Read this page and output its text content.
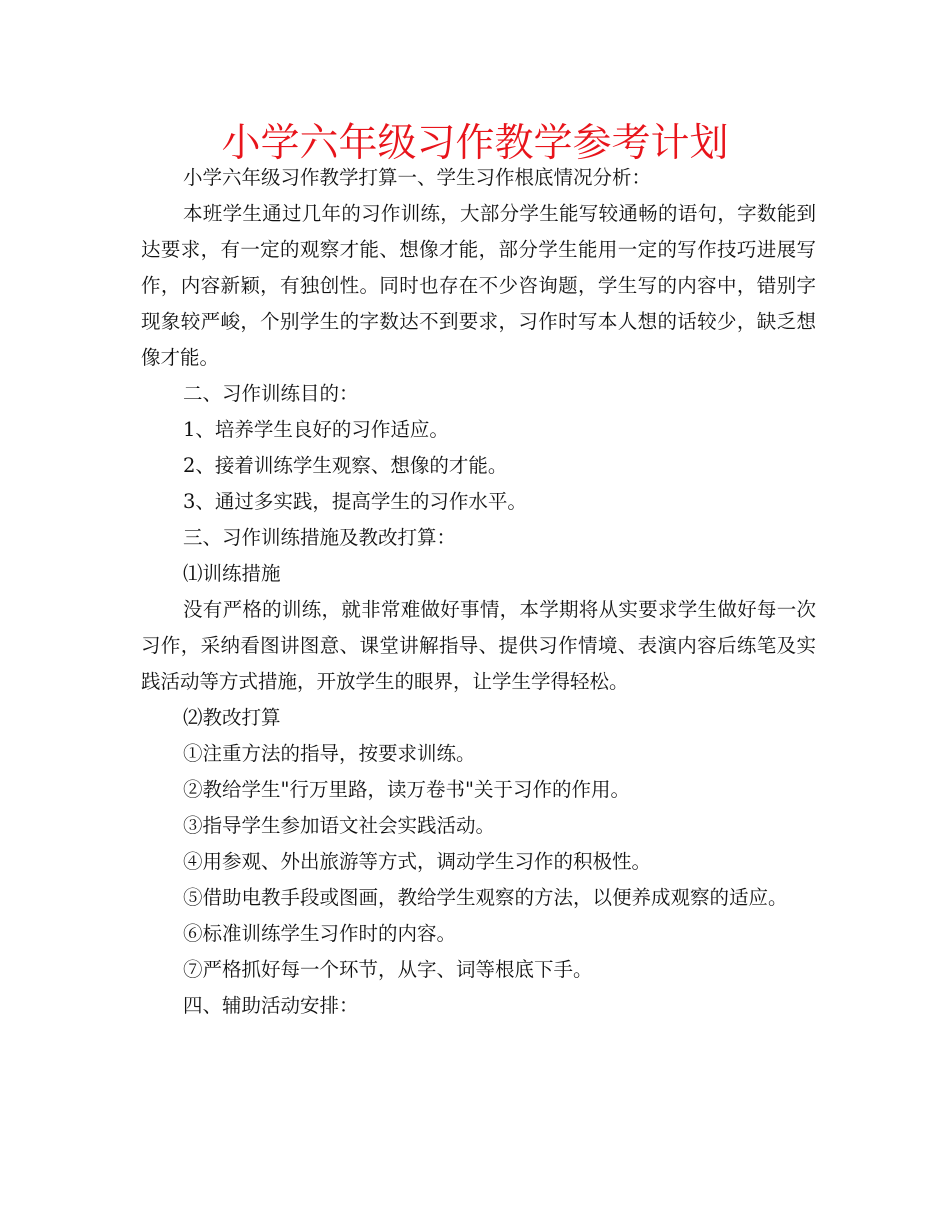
小学六年级习作教学参考计划

小学六年级习作教学打算一、学生习作根底情况分析：

本班学生通过几年的习作训练，大部分学生能写较通畅的语句，字数能到达要求，有一定的观察才能、想像才能，部分学生能用一定的写作技巧进展写作，内容新颖，有独创性。同时也存在不少咨询题，学生写的内容中，错别字现象较严峻，个别学生的字数达不到要求，习作时写本人想的话较少，缺乏想像才能。

二、习作训练目的：

1、培养学生良好的习作适应。

2、接着训练学生观察、想像的才能。

3、通过多实践，提高学生的习作水平。

三、习作训练措施及教改打算：

⑴训练措施

没有严格的训练，就非常难做好事情，本学期将从实要求学生做好每一次习作，采纳看图讲图意、课堂讲解指导、提供习作情境、表演内容后练笔及实践活动等方式措施，开放学生的眼界，让学生学得轻松。

⑵教改打算

①注重方法的指导，按要求训练。

②教给学生"行万里路，读万卷书"关于习作的作用。

③指导学生参加语文社会实践活动。

④用参观、外出旅游等方式，调动学生习作的积极性。

⑤借助电教手段或图画，教给学生观察的方法，以便养成观察的适应。

⑥标准训练学生习作时的内容。

⑦严格抓好每一个环节，从字、词等根底下手。

四、辅助活动安排：
